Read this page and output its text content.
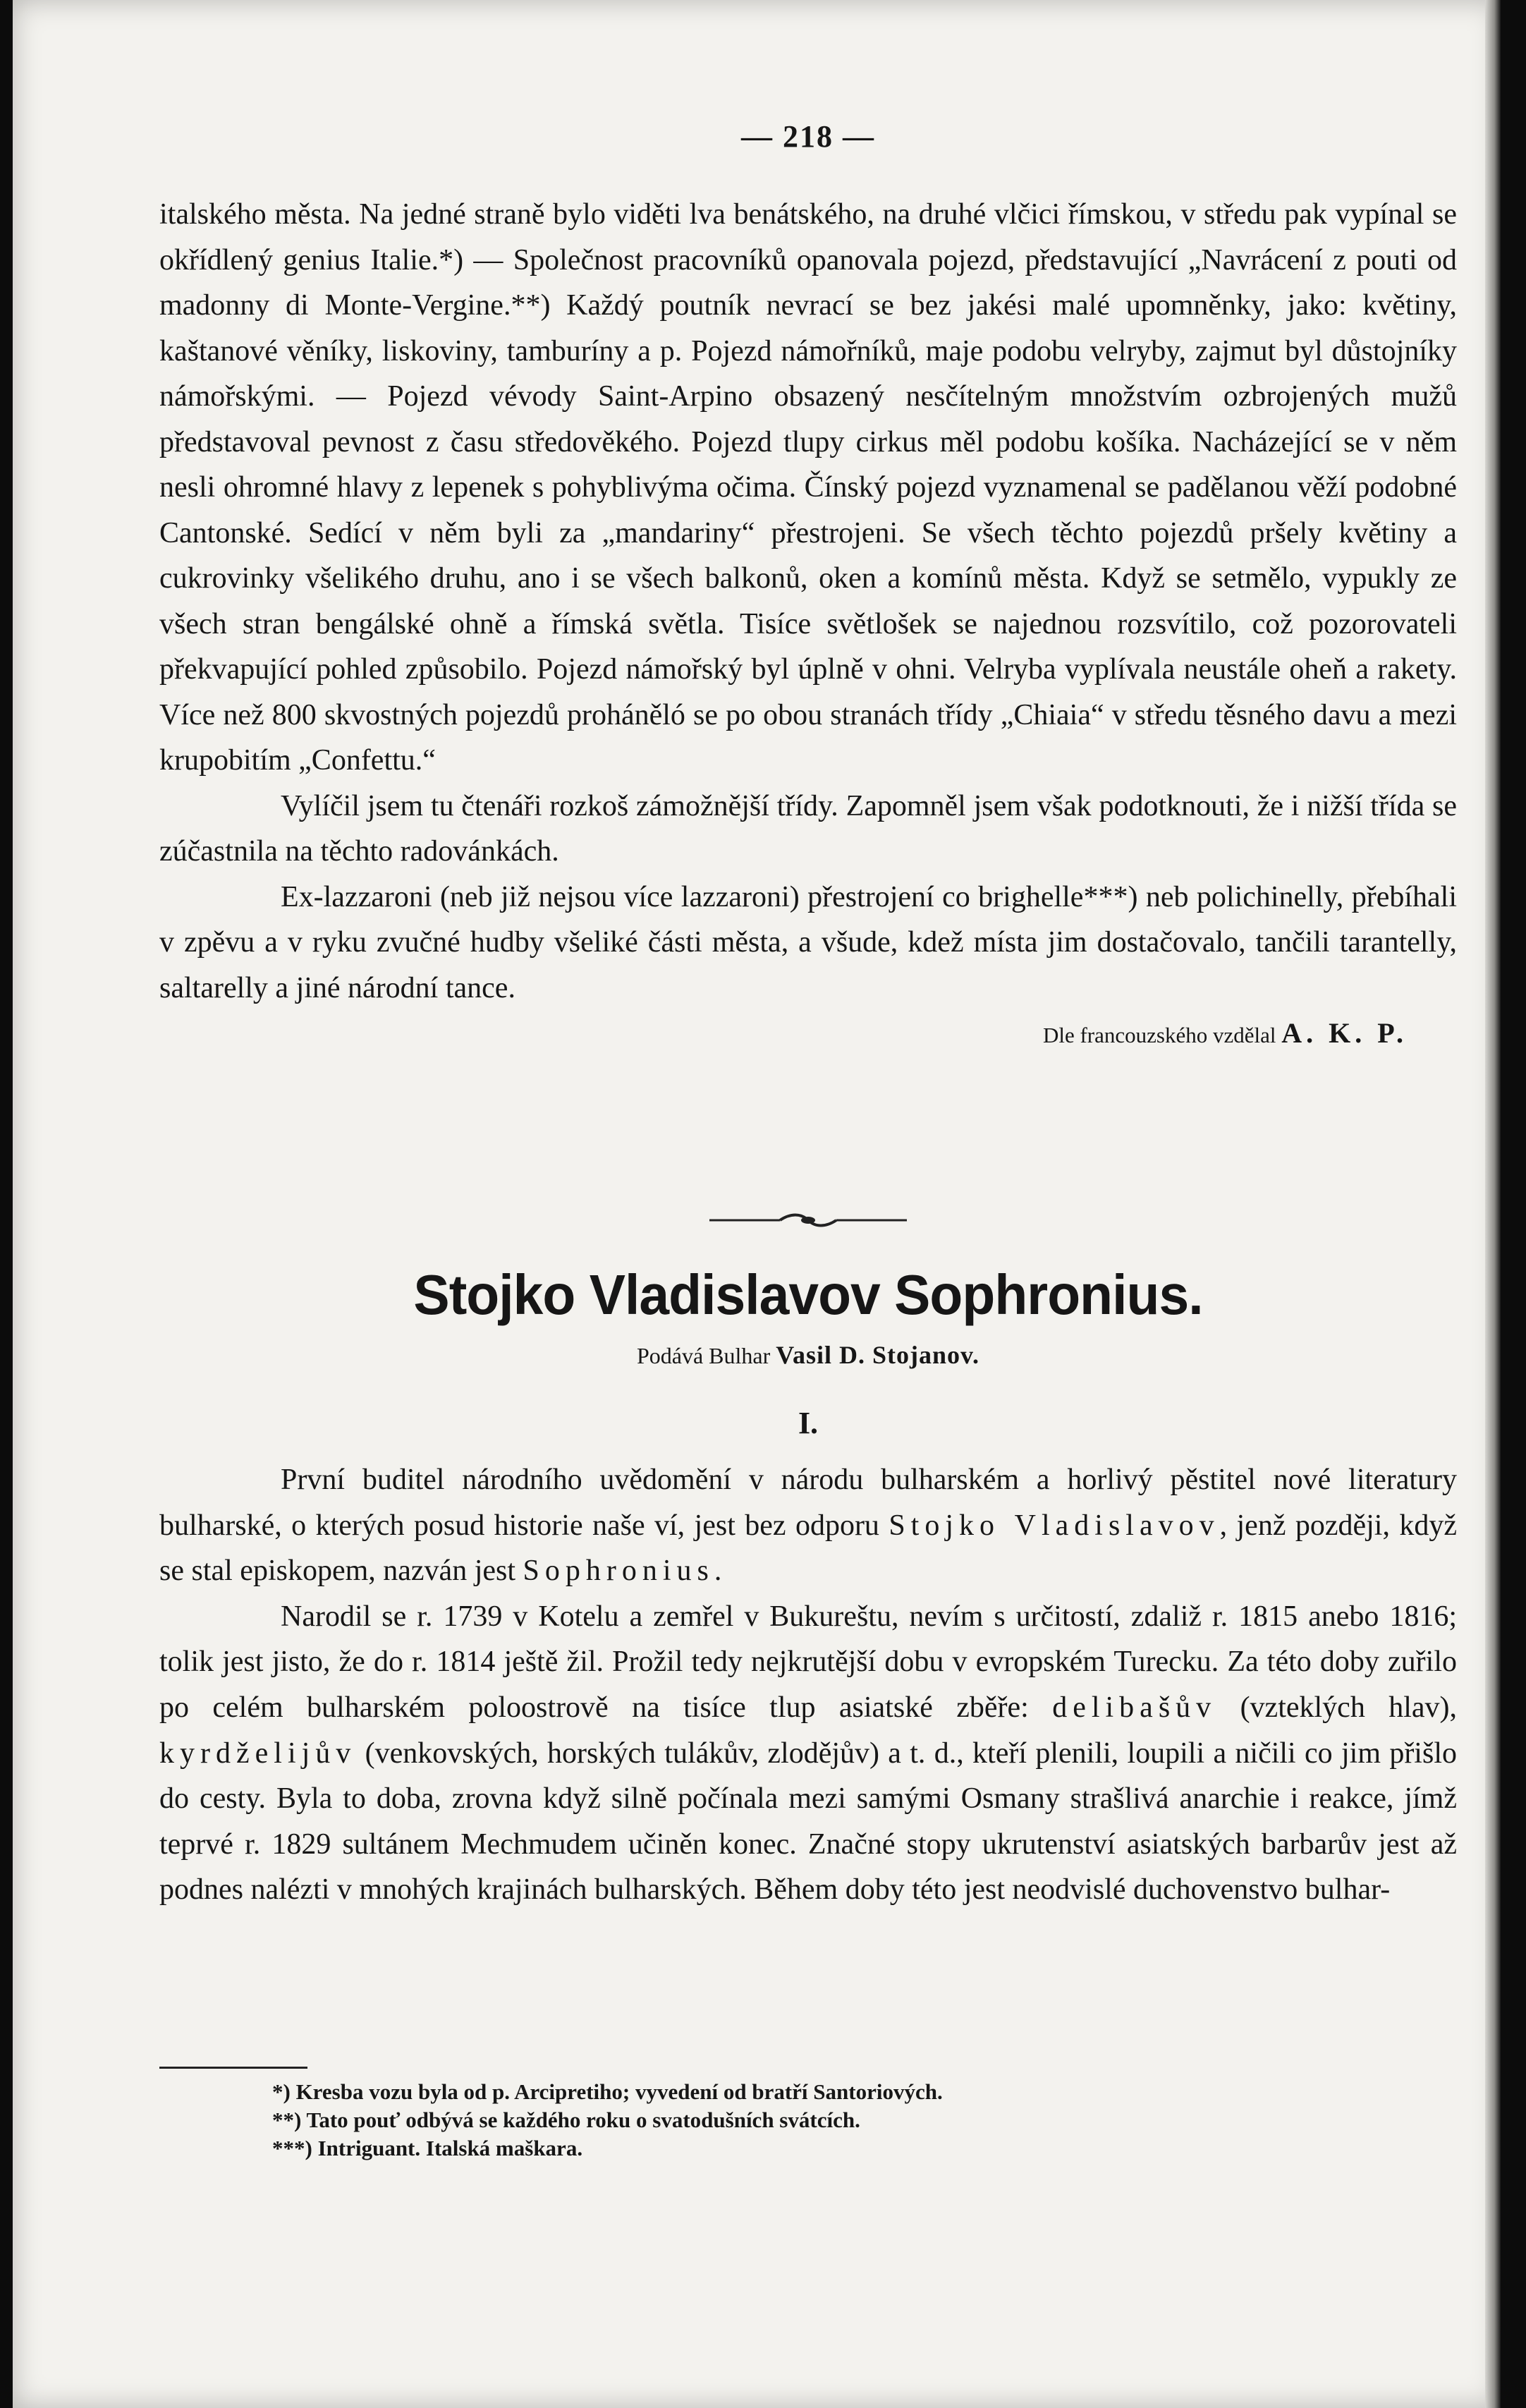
— 218 —

italského města. Na jedné straně bylo viděti lva benátského, na druhé vlčici římskou, v středu pak vypínal se okřídlený genius Italie.*) — Společnost pracovníků opanovala pojezd, představující „Navrácení z pouti od madonny di Monte-Vergine.**) Každý poutník nevrací se bez jakési malé upomněnky, jako: květiny, kaštanové věníky, liskoviny, tamburíny a p. Pojezd námořníků, maje podobu velryby, zajmut byl důstojníky námořskými. — Pojezd vévody Saint-Arpino obsazený nesčítelným množstvím ozbrojených mužů představoval pevnost z času středověkého. Pojezd tlupy cirkus měl podobu košíka. Nacházející se v něm nesli ohromné hlavy z lepenek s pohyblivýma očima. Čínský pojezd vyznamenal se padělanou věží podobné Cantonské. Sedící v něm byli za „mandariny“ přestrojeni. Se všech těchto pojezdů pršely květiny a cukrovinky všelikého druhu, ano i se všech balkonů, oken a komínů města. Když se setmělo, vypukly ze všech stran bengálské ohně a římská světla. Tisíce světlošek se najednou rozsvítilo, což pozorovateli překvapující pohled způsobilo. Pojezd námořský byl úplně v ohni. Velryba vyplívala neustále oheň a rakety. Více než 800 skvostných pojezdů proháněló se po obou stranách třídy „Chiaia“ v středu těsného davu a mezi krupobitím „Confettu.“

Vylíčil jsem tu čtenáři rozkoš zámožnější třídy. Zapomněl jsem však podotknouti, že i nižší třída se zúčastnila na těchto radovánkách.

Ex-lazzaroni (neb již nejsou více lazzaroni) přestrojení co brighelle***) neb polichinelly, přebíhali v zpěvu a v ryku zvučné hudby všeliké části města, a všude, kdež místa jim dostačovalo, tančili tarantelly, saltarelly a jiné národní tance.

Dle francouzského vzdělal A. K. P.
Stojko Vladislavov Sophronius.
Podává Bulhar Vasil D. Stojanov.
I.

První buditel národního uvědomění v národu bulharském a horlivý pěstitel nové literatury bulharské, o kterých posud historie naše ví, jest bez odporu Stojko Vladislavov, jenž později, když se stal episkopem, nazván jest Sophronius.

Narodil se r. 1739 v Kotelu a zemřel v Bukureštu, nevím s určitostí, zdaliž r. 1815 anebo 1816; tolik jest jisto, že do r. 1814 ještě žil. Prožil tedy nejkrutější dobu v evropském Turecku. Za této doby zuřilo po celém bulharském poloostrově na tisíce tlup asiatské zběře: delibašův (vzteklých hlav), kyrdželijův (venkovských, horských tulákův, zlodějův) a t. d., kteří plenili, loupili a ničili co jim přišlo do cesty. Byla to doba, zrovna když silně počínala mezi samými Osmany strašlivá anarchie i reakce, jímž teprvé r. 1829 sultánem Mechmudem učiněn konec. Značné stopy ukrutenství asiatských barbarův jest až podnes nalézti v mnohých krajinách bulharských. Během doby této jest neodvislé duchovenstvo bulhar-

*) Kresba vozu byla od p. Arcipretiho; vyvedení od bratří Santoriových.
**) Tato pouť odbývá se každého roku o svatodušních svátcích.
***) Intriguant. Italská maškara.
